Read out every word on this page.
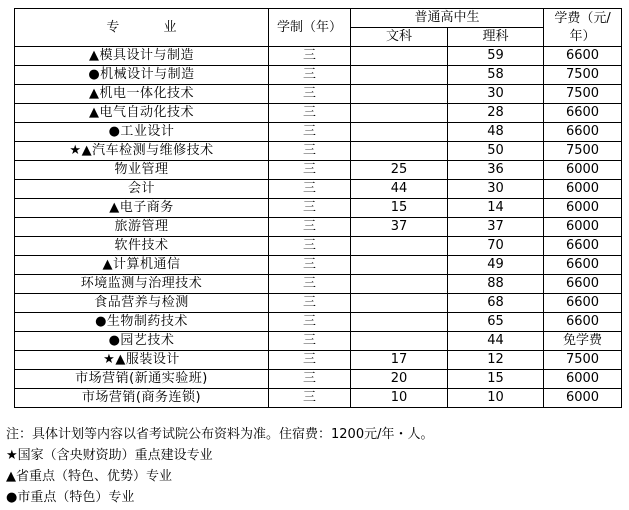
专 业	学制（年）	普通高中生		学费（元/
年）

		文科	理科	
▲模具设计与制造	三		59	6600
●机械设计与制造	三		58	7500
▲机电一体化技术	三		30	7500
▲电气自动化技术	三		28	6600
●工业设计	三		48	6600
★▲汽车检测与维修技术	三		50	7500
物业管理	三	25	36	6000
会计	三	44	30	6000
▲电子商务	三	15	14	6000
旅游管理	三	37	37	6000
软件技术	三		70	6600
▲计算机通信	三		49	6600
环境监测与治理技术	三		88	6600
食品营养与检测	三		68	6600
●生物制药技术	三		65	6600
●园艺技术	三		44	免学费
★▲服装设计	三	17	12	7500
市场营销(新通实验班)	三	20	15	6000
市场营销(商务连锁)	三	10	10	6000
注：具体计划等内容以省考试院公布资料为准。住宿费：1200元/年・人。
★国家（含央财资助）重点建设专业
▲省重点（特色、优势）专业
●市重点（特色）专业
